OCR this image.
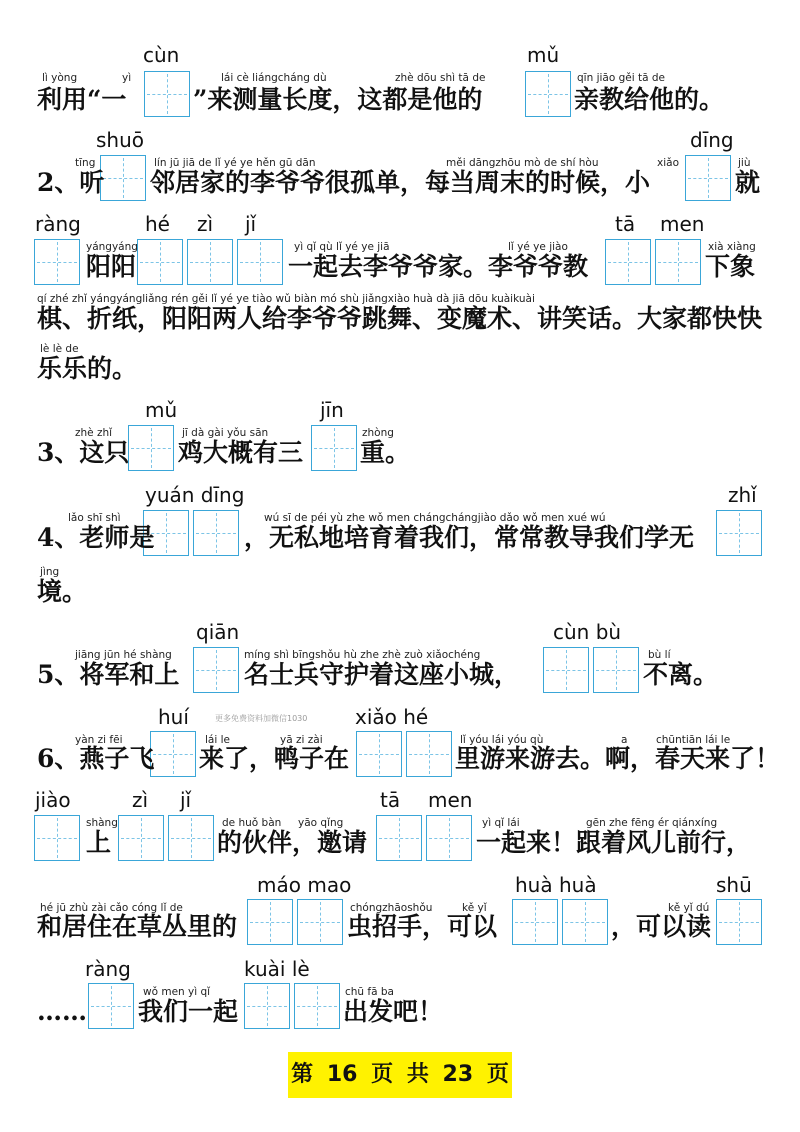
lì yòng	yì	lái cè liángcháng dù	zhè dōu shì tā de	qīn jiāo gěi tā de
cùn	mǔ
利用“一	”来测量长度，这都是他的	亲教给他的。
tīng	lín jū jiā de lǐ yé ye hěn gū dān	měi dāngzhōu mò de shí hòu	xiǎo	jiù
shuō	dīng
2、听 邻居家的李爷爷很孤单，每当周末的时候，小	就
yángyáng	yì qǐ qù lǐ yé ye jiā	lǐ yé ye jiào	xià xiàng
ràng	hé zì jǐ	tā men
阳阳	一起去李爷爷家。李爷爷教	下象
qí zhé zhǐ yángyángliǎng rén gěi lǐ yé ye tiào wǔ biàn mó shù jiǎngxiào huà dà jiā dōu kuàikuài
棋、折纸，阳阳两人给李爷爷跳舞、变魔术、讲笑话。大家都快快
lè lè de
乐乐的。
zhè zhǐ	jī dà gài yǒu sān	zhòng
mǔ	jīn
3、这只 鸡大概有三 重。
lǎo shī shì	wú sī de péi yù zhe wǒ men chángchángjiào dǎo wǒ men xué wú
yuán dīng	zhǐ
4、老师是	，无私地培育着我们，常常教导我们学无
jìng
境。
jiāng jūn hé shàng	míng shì bīngshǒu hù zhe zhè zuò xiǎochéng	bù lí
qiān	cùn bù
5、将军和上	名士兵守护着这座小城，	不离。
yàn zi fēi	lái le	yā zi zài	lǐ yóu lái yóu qù	a	chūntiān lái le
huí	xiǎo hé
6、燕子飞 来了，鸭子在	里游来游去。啊，春天来了！
shàng	de huǒ bàn yāo qǐng	yì qǐ lái	gēn zhe fēng ér qiánxíng
jiào	zì jǐ	tā men
上	的伙伴，邀请	一起来！跟着风儿前行，
hé jū zhù zài cǎo cóng lǐ de	chóngzhāoshǒu	kě yǐ	kě yǐ dú
máo mao	huà huà	shū
和居住在草丛里的	虫招手，可以	，可以读
wǒ men yì qǐ	chū fā ba
ràng	kuài lè
…… 我们一起	出发吧！
更多免费资料加微信1030
第 16 页 共 23 页
